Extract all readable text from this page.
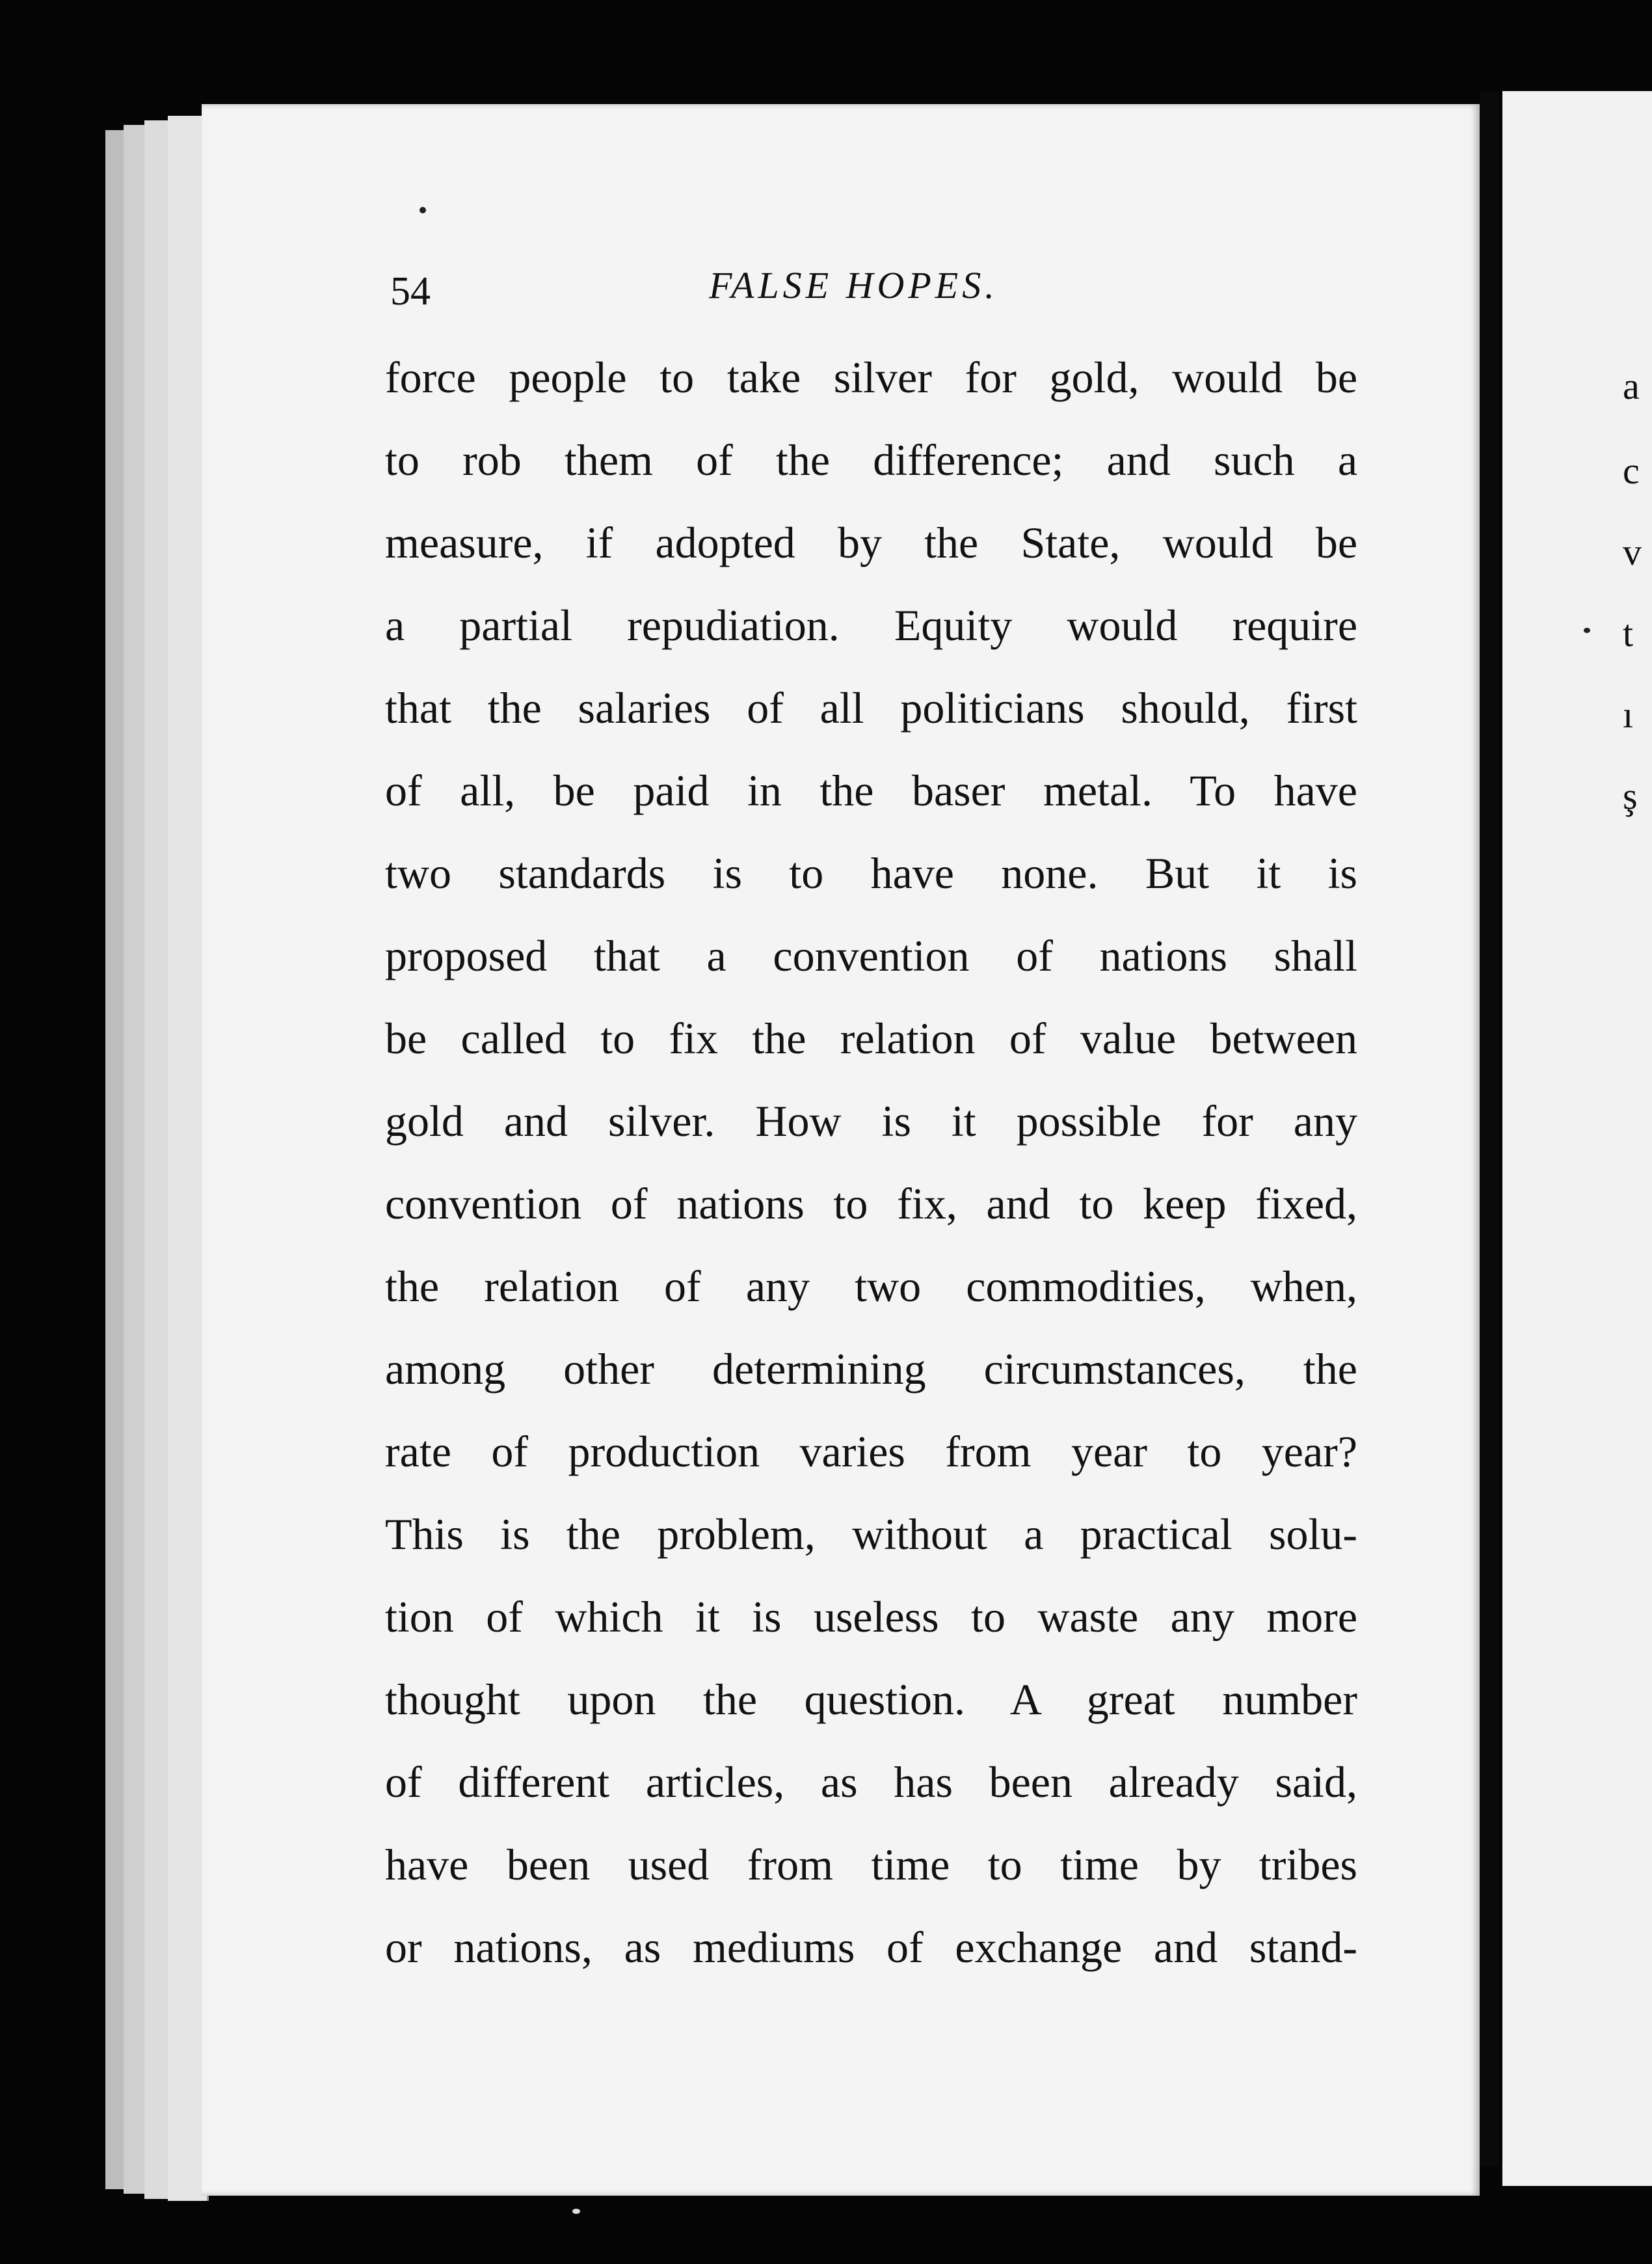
a
c
v
t
ı
ş
54	FALSE HOPES.
force people to take silver for gold, would be
to rob them of the difference; and such a
measure, if adopted by the State, would be
a partial repudiation. Equity would require
that the salaries of all politicians should, first
of all, be paid in the baser metal. To have
two standards is to have none. But it is
proposed that a convention of nations shall
be called to fix the relation of value between
gold and silver. How is it possible for any
convention of nations to fix, and to keep fixed,
the relation of any two commodities, when,
among other determining circumstances, the
rate of production varies from year to year?
This is the problem, without a practical solu-
tion of which it is useless to waste any more
thought upon the question. A great number
of different articles, as has been already said,
have been used from time to time by tribes
or nations, as mediums of exchange and stand-
